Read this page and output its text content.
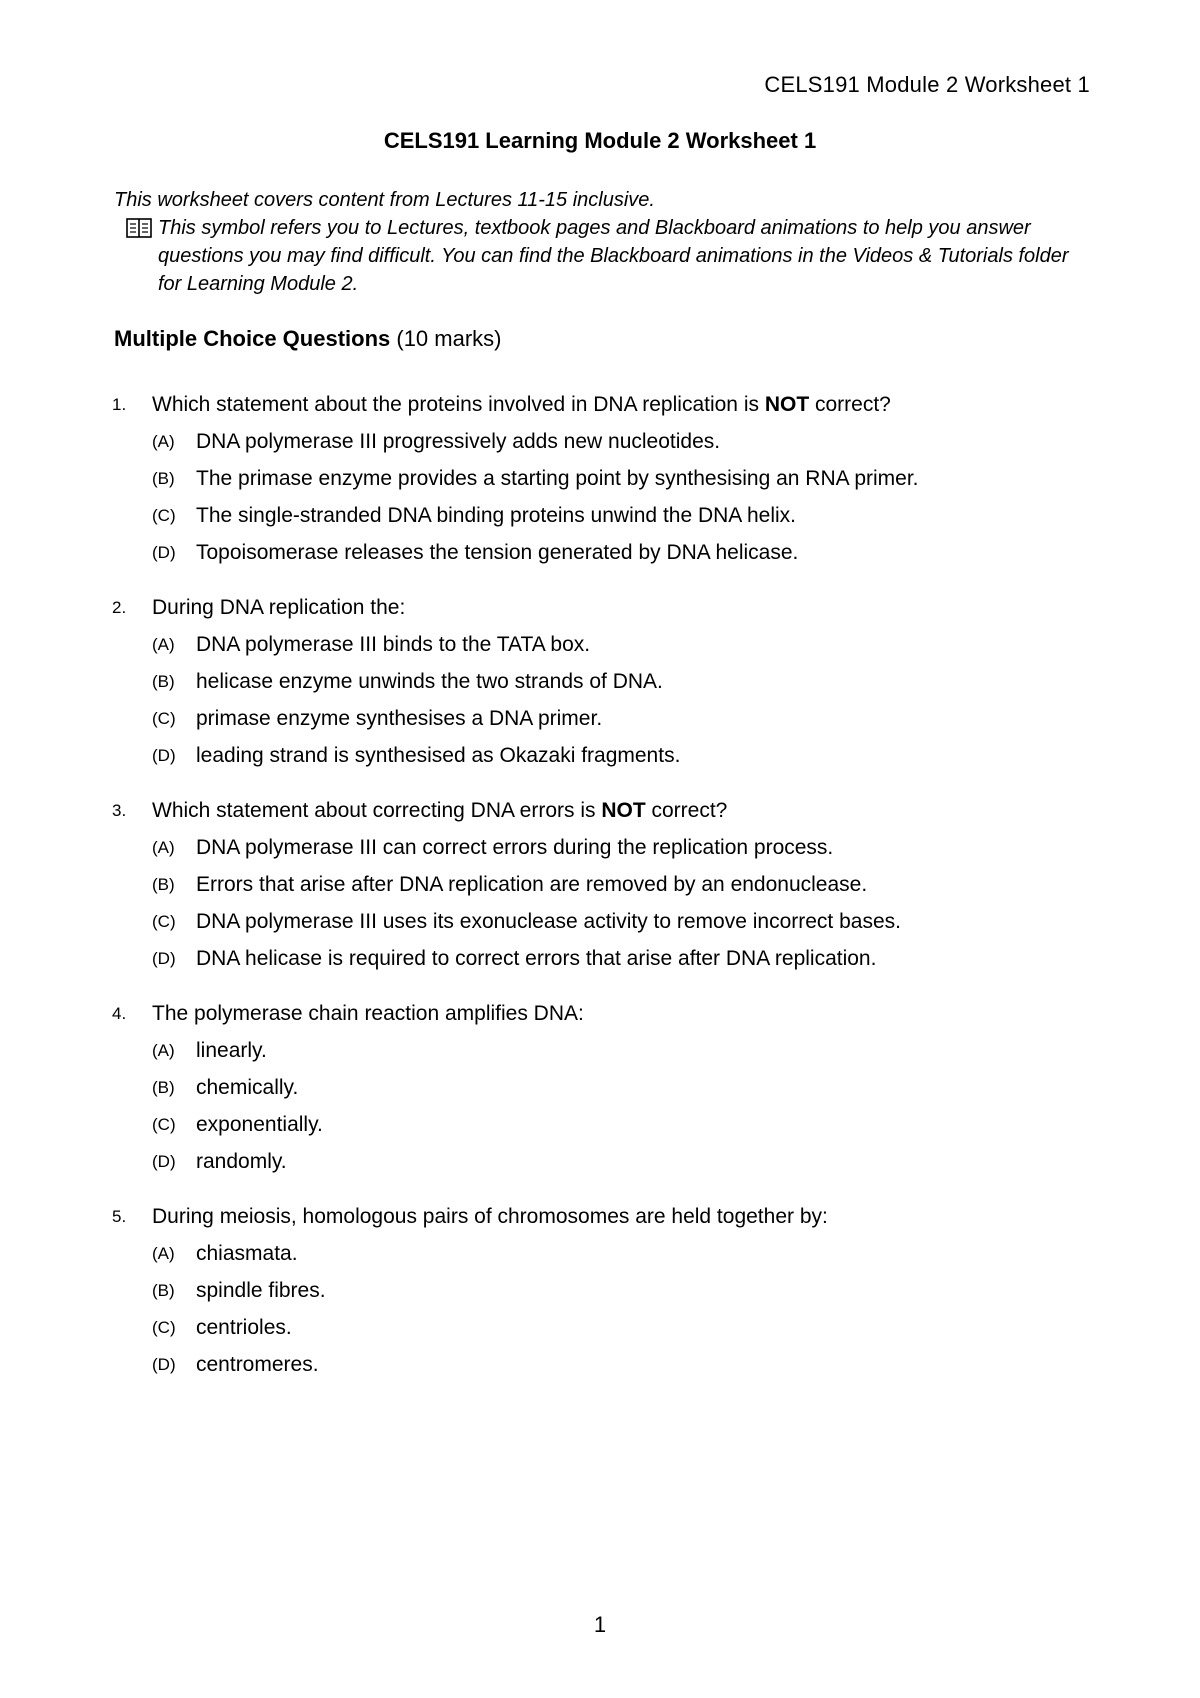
CELS191 Module 2 Worksheet 1
CELS191 Learning Module 2 Worksheet 1
This worksheet covers content from Lectures 11-15 inclusive.
This symbol refers you to Lectures, textbook pages and Blackboard animations to help you answer questions you may find difficult. You can find the Blackboard animations in the Videos & Tutorials folder for Learning Module 2.
Multiple Choice Questions (10 marks)
1.	Which statement about the proteins involved in DNA replication is NOT correct?
(A)	DNA polymerase III progressively adds new nucleotides.
(B)	The primase enzyme provides a starting point by synthesising an RNA primer.
(C) The single-stranded DNA binding proteins unwind the DNA helix.
(D) Topoisomerase releases the tension generated by DNA helicase.
2.	During DNA replication the:
(A)	DNA polymerase III binds to the TATA box.
(B)	helicase enzyme unwinds the two strands of DNA.
(C) primase enzyme synthesises a DNA primer.
(D) leading strand is synthesised as Okazaki fragments.
3.	Which statement about correcting DNA errors is NOT correct?
(A)	DNA polymerase III can correct errors during the replication process.
(B)	Errors that arise after DNA replication are removed by an endonuclease.
(C) DNA polymerase III uses its exonuclease activity to remove incorrect bases.
(D) DNA helicase is required to correct errors that arise after DNA replication.
4.	The polymerase chain reaction amplifies DNA:
(A)	linearly.
(B)	chemically.
(C) exponentially.
(D) randomly.
5.	During meiosis, homologous pairs of chromosomes are held together by:
(A)	chiasmata.
(B)	spindle fibres.
(C) centrioles.
(D) centromeres.
1
